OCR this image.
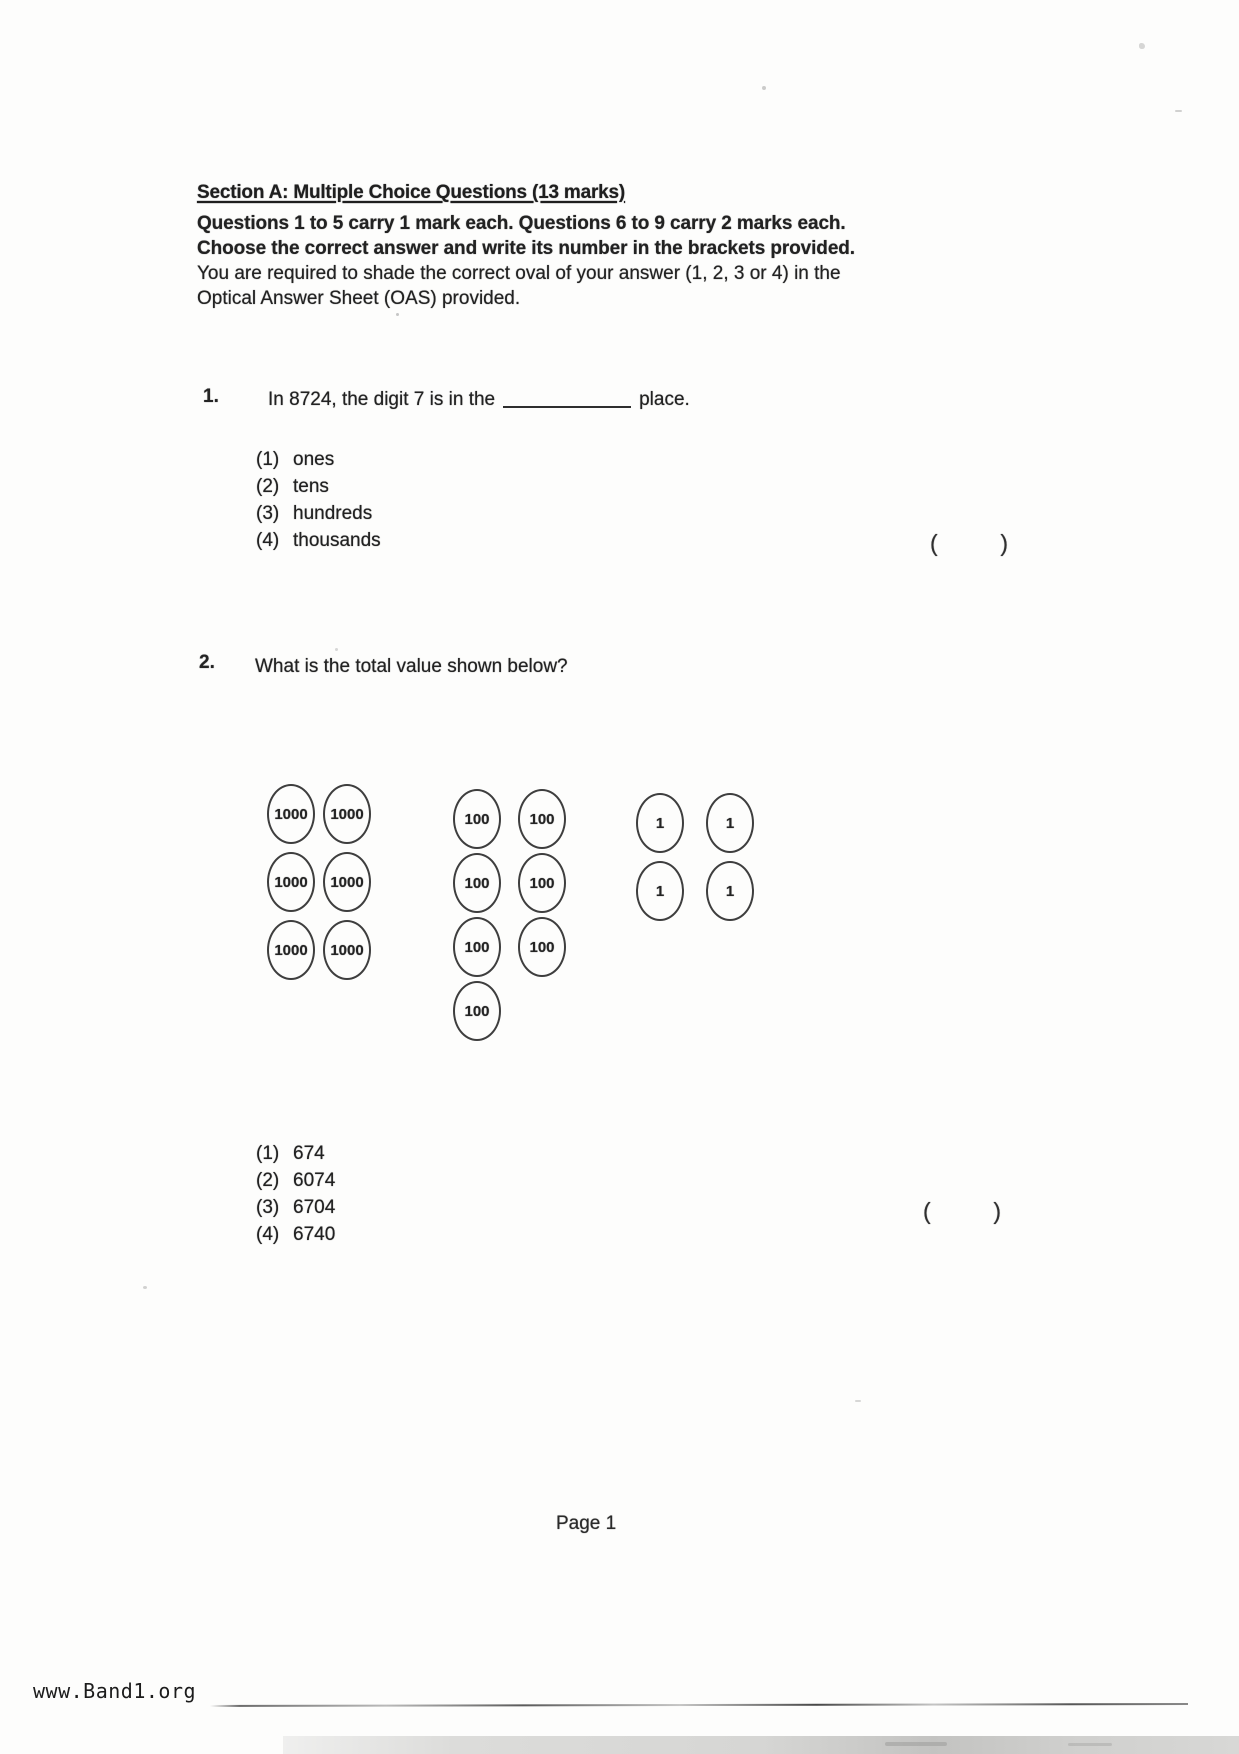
Section A: Multiple Choice Questions (13 marks)
Questions 1 to 5 carry 1 mark each. Questions 6 to 9 carry 2 marks each.
Choose the correct answer and write its number in the brackets provided.
You are required to shade the correct oval of your answer (1, 2, 3 or 4) in the
Optical Answer Sheet (OAS) provided.
1.	In 8724, the digit 7 is in the	place.
(1) ones
(2) tens
(3) hundreds
(4) thousands	(	)
2. What is the total value shown below?
1000	1000
1000	1000
1000	1000
100	100
100	100
100	100
100
1	1
1	1
(1) 674
(2) 6074
(3) 6704
(4) 6740
(	)
Page 1
www.Band1.org
